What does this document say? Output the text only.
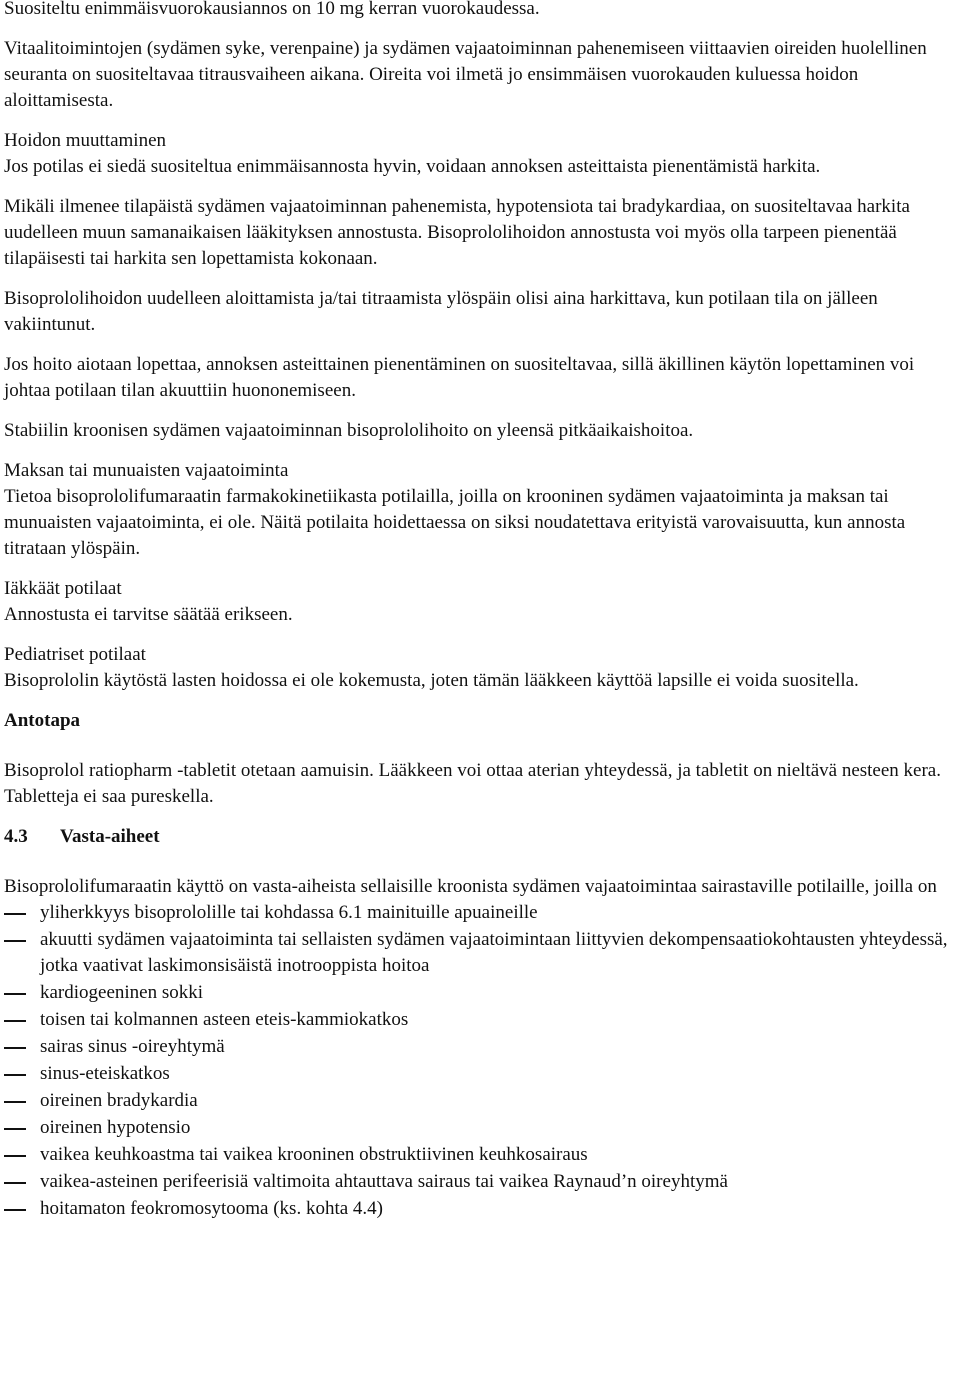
Suositeltu enimmäisvuorokausiannos on 10 mg kerran vuorokaudessa.

Vitaalitoimintojen (sydämen syke, verenpaine) ja sydämen vajaatoiminnan pahenemiseen viittaavien oireiden huolellinen seuranta on suositeltavaa titrausvaiheen aikana. Oireita voi ilmetä jo ensimmäisen vuorokauden kuluessa hoidon aloittamisesta.

Hoidon muuttaminen
Jos potilas ei siedä suositeltua enimmäisannosta hyvin, voidaan annoksen asteittaista pienentämistä harkita.

Mikäli ilmenee tilapäistä sydämen vajaatoiminnan pahenemista, hypotensiota tai bradykardiaa, on suositeltavaa harkita uudelleen muun samanaikaisen lääkityksen annostusta. Bisoprololihoidon annostusta voi myös olla tarpeen pienentää tilapäisesti tai harkita sen lopettamista kokonaan.

Bisoprololihoidon uudelleen aloittamista ja/tai titraamista ylöspäin olisi aina harkittava, kun potilaan tila on jälleen vakiintunut.

Jos hoito aiotaan lopettaa, annoksen asteittainen pienentäminen on suositeltavaa, sillä äkillinen käytön lopettaminen voi johtaa potilaan tilan akuuttiin huononemiseen.

Stabiilin kroonisen sydämen vajaatoiminnan bisoprololihoito on yleensä pitkäaikaishoitoa.

Maksan tai munuaisten vajaatoiminta
Tietoa bisoprololifumaraatin farmakokinetiikasta potilailla, joilla on krooninen sydämen vajaatoiminta ja maksan tai munuaisten vajaatoiminta, ei ole. Näitä potilaita hoidettaessa on siksi noudatettava erityistä varovaisuutta, kun annosta titrataan ylöspäin.

Iäkkäät potilaat
Annostusta ei tarvitse säätää erikseen.

Pediatriset potilaat
Bisoprololin käytöstä lasten hoidossa ei ole kokemusta, joten tämän lääkkeen käyttöä lapsille ei voida suositella.

Antotapa

Bisoprolol ratiopharm -tabletit otetaan aamuisin. Lääkkeen voi ottaa aterian yhteydessä, ja tabletit on nieltävä nesteen kera. Tabletteja ei saa pureskella.

4.3 Vasta-aiheet
Bisoprololifumaraatin käyttö on vasta-aiheista sellaisille kroonista sydämen vajaatoimintaa sairastaville potilaille, joilla on
yliherkkyys bisoprololille tai kohdassa 6.1 mainituille apuaineille
akuutti sydämen vajaatoiminta tai sellaisten sydämen vajaatoimintaan liittyvien dekompensaatiokohtausten yhteydessä, jotka vaativat laskimonsisäistä inotrooppista hoitoa
kardiogeeninen sokki
toisen tai kolmannen asteen eteis-kammiokatkos
sairas sinus -oireyhtymä
sinus-eteiskatkos
oireinen bradykardia
oireinen hypotensio
vaikea keuhkoastma tai vaikea krooninen obstruktiivinen keuhkosairaus
vaikea-asteinen perifeerisiä valtimoita ahtauttava sairaus tai vaikea Raynaud’n oireyhtymä
hoitamaton feokromosytooma (ks. kohta 4.4)
